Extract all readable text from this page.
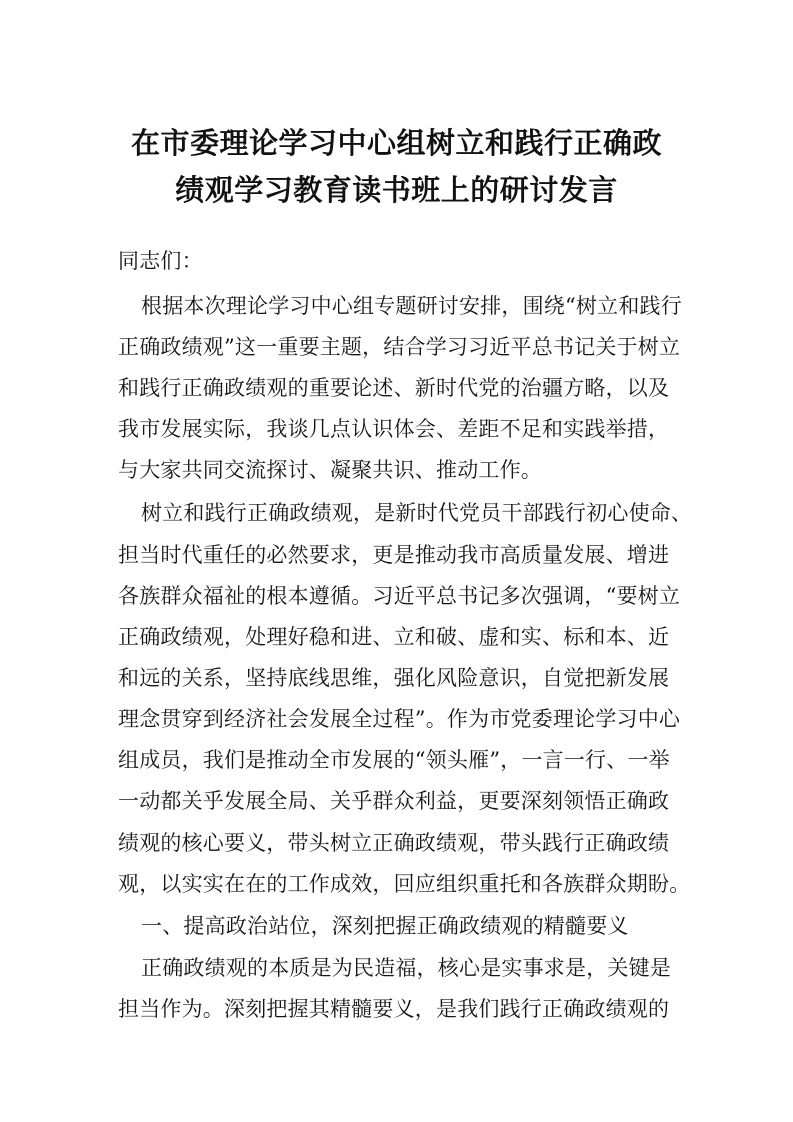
在市委理论学习中心组树立和践行正确政
绩观学习教育读书班上的研讨发言
同志们：
根据本次理论学习中心组专题研讨安排，围绕“树立和践行
正确政绩观”这一重要主题，结合学习习近平总书记关于树立
和践行正确政绩观的重要论述、新时代党的治疆方略，以及
我市发展实际，我谈几点认识体会、差距不足和实践举措，
与大家共同交流探讨、凝聚共识、推动工作。
树立和践行正确政绩观，是新时代党员干部践行初心使命、
担当时代重任的必然要求，更是推动我市高质量发展、增进
各族群众福祉的根本遵循。习近平总书记多次强调，“要树立
正确政绩观，处理好稳和进、立和破、虚和实、标和本、近
和远的关系，坚持底线思维，强化风险意识，自觉把新发展
理念贯穿到经济社会发展全过程”。作为市党委理论学习中心
组成员，我们是推动全市发展的“领头雁”，一言一行、一举
一动都关乎发展全局、关乎群众利益，更要深刻领悟正确政
绩观的核心要义，带头树立正确政绩观，带头践行正确政绩
观，以实实在在的工作成效，回应组织重托和各族群众期盼。
一、提高政治站位，深刻把握正确政绩观的精髓要义
正确政绩观的本质是为民造福，核心是实事求是，关键是
担当作为。深刻把握其精髓要义，是我们践行正确政绩观的
